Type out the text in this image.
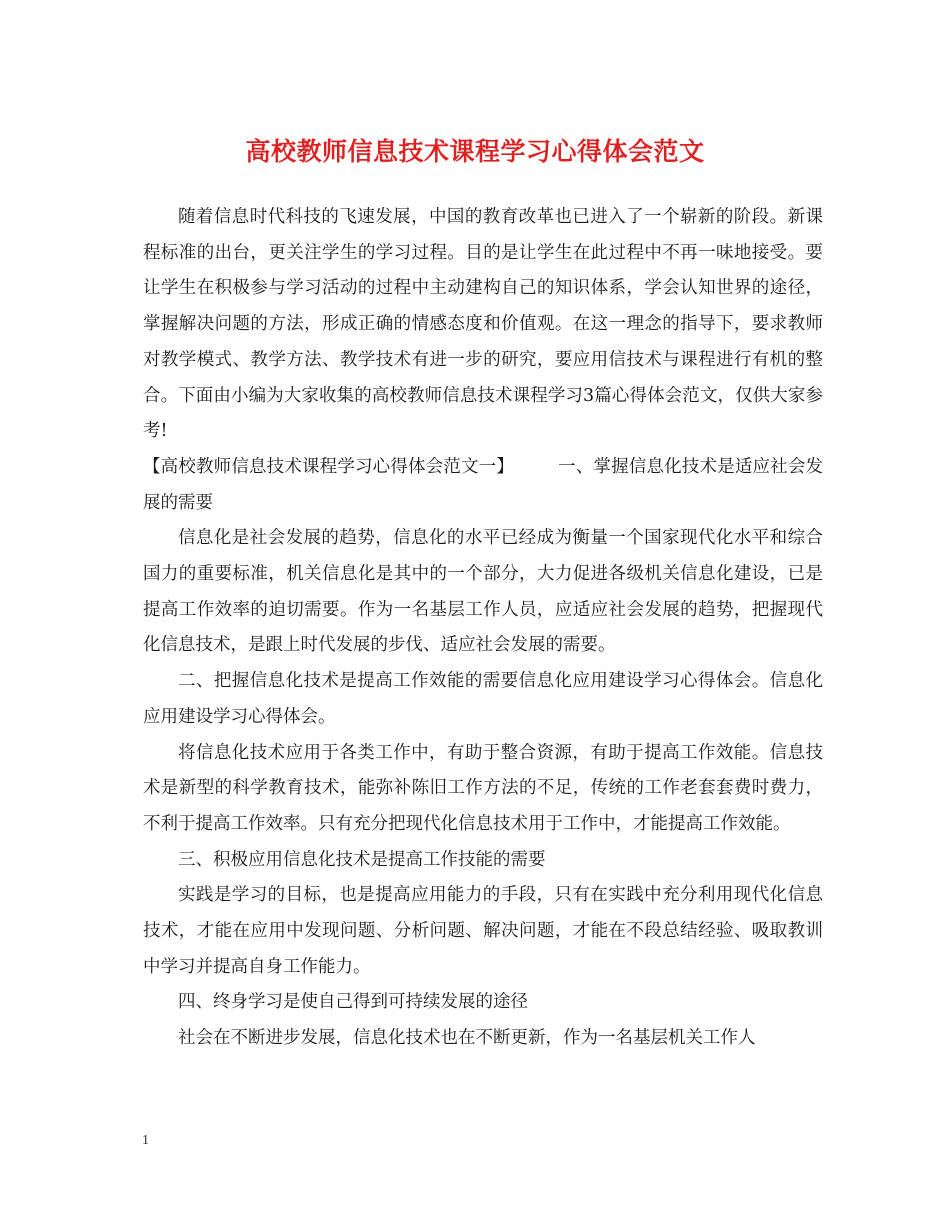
高校教师信息技术课程学习心得体会范文

随着信息时代科技的飞速发展，中国的教育改革也已进入了一个崭新的阶段。新课程标准的出台，更关注学生的学习过程。目的是让学生在此过程中不再一味地接受。要让学生在积极参与学习活动的过程中主动建构自己的知识体系，学会认知世界的途径，掌握解决问题的方法，形成正确的情感态度和价值观。在这一理念的指导下，要求教师对教学模式、教学方法、教学技术有进一步的研究，要应用信技术与课程进行有机的整合。下面由小编为大家收集的高校教师信息技术课程学习3篇心得体会范文，仅供大家参考!

【高校教师信息技术课程学习心得体会范文一】	一、掌握信息化技术是适应社会发展的需要

信息化是社会发展的趋势，信息化的水平已经成为衡量一个国家现代化水平和综合国力的重要标准，机关信息化是其中的一个部分，大力促进各级机关信息化建设，已是提高工作效率的迫切需要。作为一名基层工作人员，应适应社会发展的趋势，把握现代化信息技术，是跟上时代发展的步伐、适应社会发展的需要。

二、把握信息化技术是提高工作效能的需要信息化应用建设学习心得体会。信息化应用建设学习心得体会。

将信息化技术应用于各类工作中，有助于整合资源，有助于提高工作效能。信息技术是新型的科学教育技术，能弥补陈旧工作方法的不足，传统的工作老套套费时费力，不利于提高工作效率。只有充分把现代化信息技术用于工作中，才能提高工作效能。

三、积极应用信息化技术是提高工作技能的需要

实践是学习的目标，也是提高应用能力的手段，只有在实践中充分利用现代化信息技术，才能在应用中发现问题、分析问题、解决问题，才能在不段总结经验、吸取教训中学习并提高自身工作能力。

四、终身学习是使自己得到可持续发展的途径

社会在不断进步发展，信息化技术也在不断更新，作为一名基层机关工作人

1
